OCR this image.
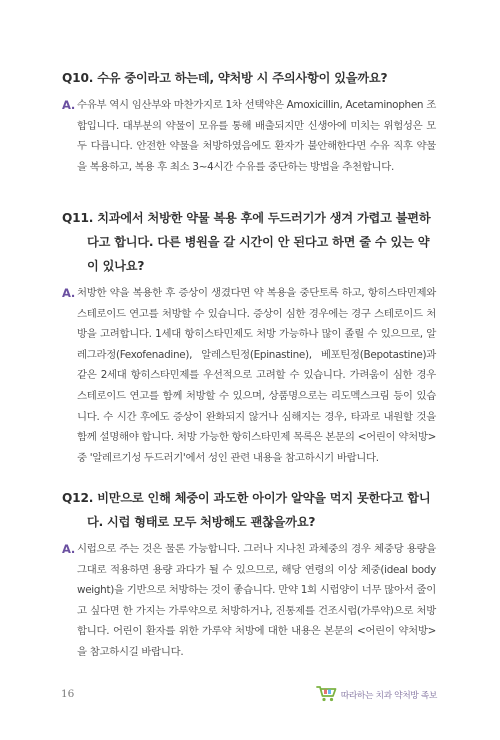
Q10. 수유 중이라고 하는데, 약처방 시 주의사항이 있을까요?

A. 수유부 역시 임산부와 마찬가지로 1차 선택약은 Amoxicillin, Acetaminophen 조합입니다. 대부분의 약물이 모유를 통해 배출되지만 신생아에 미치는 위험성은 모두 다릅니다. 안전한 약물을 처방하였음에도 환자가 불안해한다면 수유 직후 약물을 복용하고, 복용 후 최소 3~4시간 수유를 중단하는 방법을 추천합니다.

Q11. 치과에서 처방한 약물 복용 후에 두드러기가 생겨 가렵고 불편하다고 합니다. 다른 병원을 갈 시간이 안 된다고 하면 줄 수 있는 약이 있나요?

A. 처방한 약을 복용한 후 증상이 생겼다면 약 복용을 중단토록 하고, 항히스타민제와 스테로이드 연고를 처방할 수 있습니다. 증상이 심한 경우에는 경구 스테로이드 처방을 고려합니다. 1세대 항히스타민제도 처방 가능하나 많이 졸릴 수 있으므로, 알레그라정(Fexofenadine), 알레스틴정(Epinastine), 베포틴정(Bepotastine)과 같은 2세대 항히스타민제를 우선적으로 고려할 수 있습니다. 가려움이 심한 경우 스테로이드 연고를 함께 처방할 수 있으며, 상품명으로는 리도멕스크림 등이 있습니다. 수 시간 후에도 증상이 완화되지 않거나 심해지는 경우, 타과로 내원할 것을 함께 설명해야 합니다. 처방 가능한 항히스타민제 목록은 본문의 <어린이 약처방> 중 '알레르기성 두드러기'에서 성인 관련 내용을 참고하시기 바랍니다.

Q12. 비만으로 인해 체중이 과도한 아이가 알약을 먹지 못한다고 합니다. 시럽 형태로 모두 처방해도 괜찮을까요?

A. 시럽으로 주는 것은 물론 가능합니다. 그러나 지나친 과체중의 경우 체중당 용량을 그대로 적용하면 용량 과다가 될 수 있으므로, 해당 연령의 이상 체중(ideal body weight)을 기반으로 처방하는 것이 좋습니다. 만약 1회 시럽양이 너무 많아서 줄이고 싶다면 한 가지는 가루약으로 처방하거나, 진통제를 건조시럽(가루약)으로 처방합니다. 어린이 환자를 위한 가루약 처방에 대한 내용은 본문의 <어린이 약처방>을 참고하시길 바랍니다.

16	따라하는 치과 약처방 족보
